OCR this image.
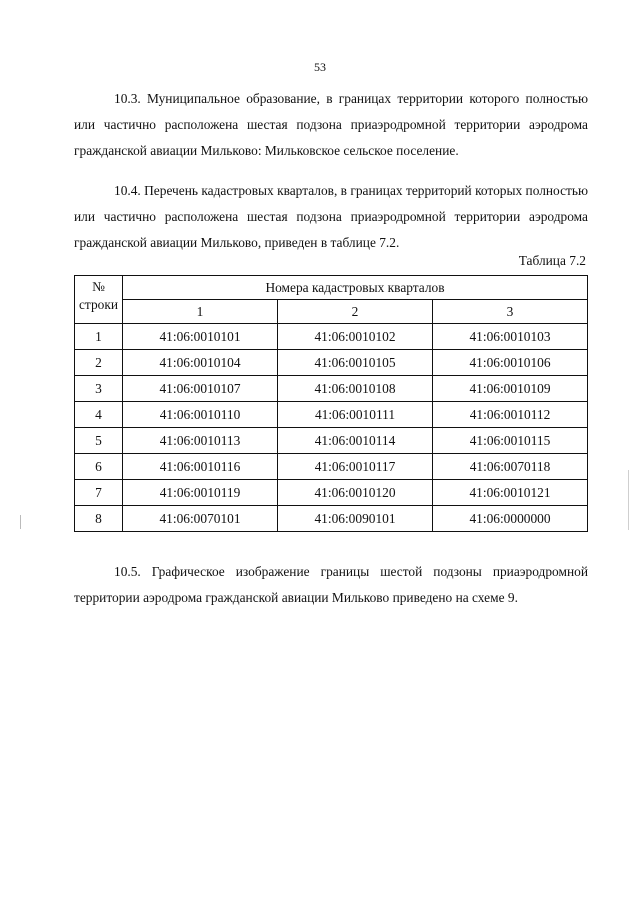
53

10.3. Муниципальное образование, в границах территории которого полностью или частично расположена шестая подзона приаэродромной территории аэродрома гражданской авиации Мильково: Мильковское сельское поселение.

10.4. Перечень кадастровых кварталов, в границах территорий которых полностью или частично расположена шестая подзона приаэродромной территории аэродрома гражданской авиации Мильково, приведен в таблице 7.2.

Таблица 7.2
№
строки	Номера кадастровых кварталов		
	1	2	3
1	41:06:0010101	41:06:0010102	41:06:0010103
2	41:06:0010104	41:06:0010105	41:06:0010106
3	41:06:0010107	41:06:0010108	41:06:0010109
4	41:06:0010110	41:06:0010111	41:06:0010112
5	41:06:0010113	41:06:0010114	41:06:0010115
6	41:06:0010116	41:06:0010117	41:06:0070118
7	41:06:0010119	41:06:0010120	41:06:0010121
8	41:06:0070101	41:06:0090101	41:06:0000000

10.5. Графическое изображение границы шестой подзоны приаэродромной территории аэродрома гражданской авиации Мильково приведено на схеме 9.
